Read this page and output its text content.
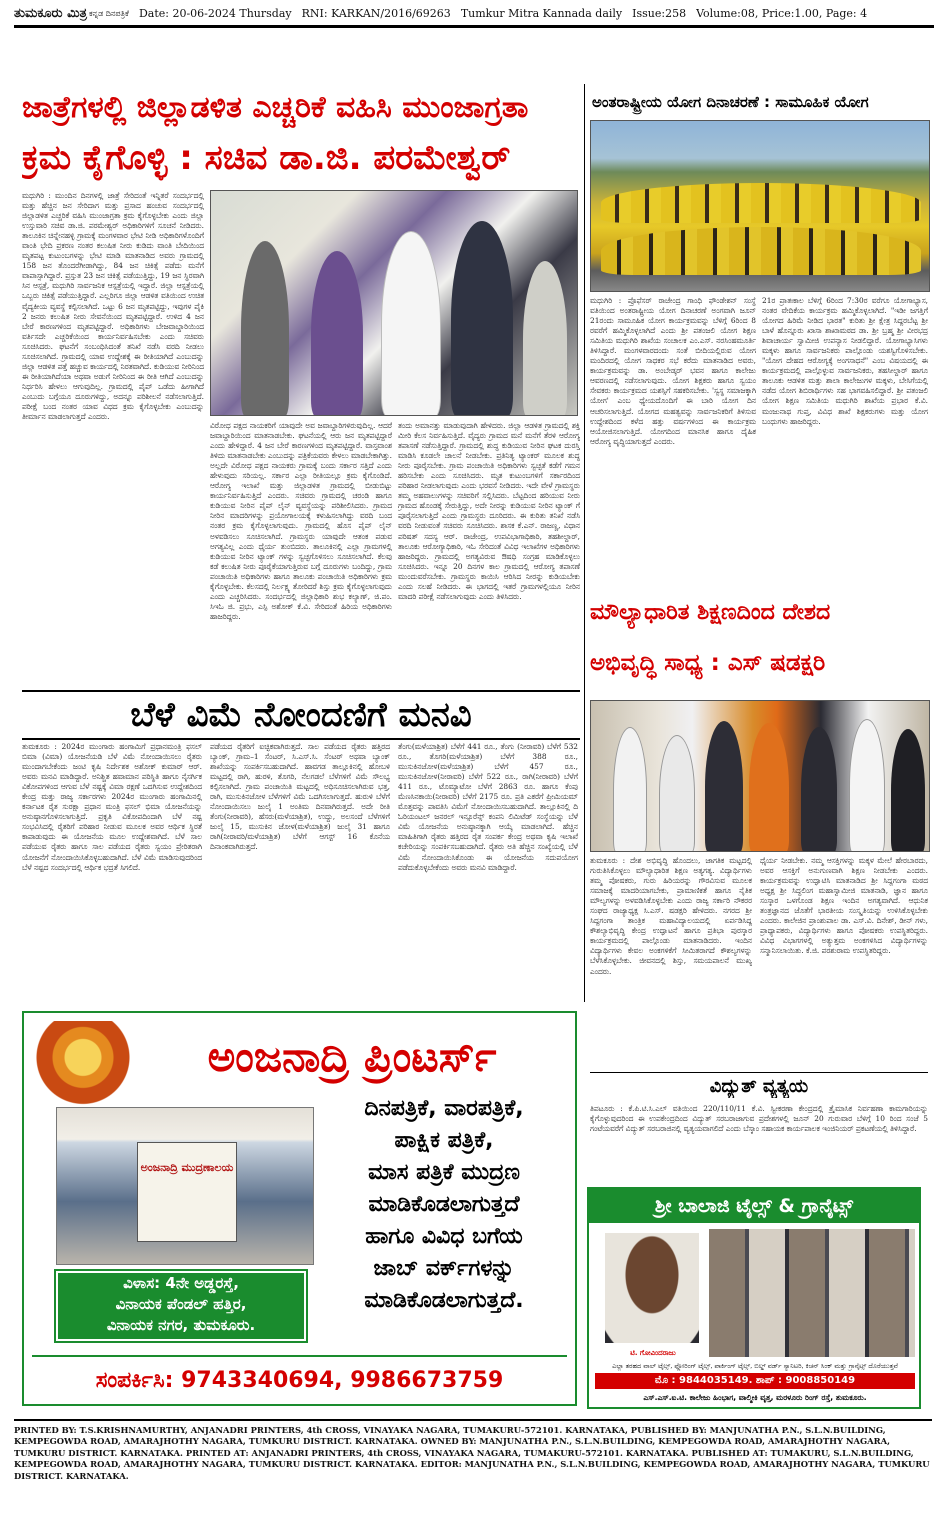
ತುಮಕೂರು ಮಿತ್ರ ಕನ್ನಡ ದಿನಪತ್ರಿಕೆ Date: 20-06-2024 Thursday RNI: KARKAN/2016/69263 Tumkur Mitra Kannada daily Issue:258 Volume:08, Price:1.00, Page: 4
ಜಾತ್ರೆಗಳಲ್ಲಿ ಜಿಲ್ಲಾಡಳಿತ ಎಚ್ಚರಿಕೆ ವಹಿಸಿ ಮುಂಜಾಗ್ರತಾ
ಕ್ರಮ ಕೈಗೊಳ್ಳಿ : ಸಚಿವ ಡಾ.ಜಿ. ಪರಮೇಶ್ವರ್
ಮಧುಗಿರಿ : ಮುಂದಿನ ದಿನಗಳಲ್ಲಿ ಜಾತ್ರೆ ಸೇರಿದಂತೆ ಇನ್ನಿತರೆ ಸಂದರ್ಭದಲ್ಲಿ ಮತ್ತು ಹೆಚ್ಚಿನ ಜನ ಸೇರಿದಾಗ ಮತ್ತು ಪ್ರಸಾದ ಹಂಚುವ ಸಂದರ್ಭದಲ್ಲಿ ಜಿಲ್ಲಾಡಳಿತ ಎಚ್ಚರಿಕೆ ವಹಿಸಿ ಮುಂಜಾಗ್ರತಾ ಕ್ರಮ ಕೈಗೊಳ್ಳಬೇಕು ಎಂದು ಜಿಲ್ಲಾ ಉಸ್ತುವಾರಿ ಸಚಿವ ಡಾ.ಜಿ. ಪರಮೇಶ್ವರ್ ಅಧಿಕಾರಿಗಳಿಗೆ ಸೂಚನೆ ನೀಡಿದರು. ತಾಲೂಕಿನ ಚಿನ್ನೇನಹಳ್ಳಿ ಗ್ರಾಮಕ್ಕೆ ಮಂಗಳವಾರ ಭೇಟಿ ನೀಡಿ ಅಧಿಕಾರಿಗಳೊಂದಿಗೆ ವಾಂತಿ ಭೇದಿ ಪ್ರಕರಣ ನಂತರ ಕಲುಷಿತ ನೀರು ಕುಡಿದು ವಾಂತಿ ಬೇದಿಯಿಂದ ಮೃತಪಟ್ಟ ಕುಟುಂಬಗಳನ್ನು ಭೇಟಿ ಮಾಡಿ ಮಾತನಾಡಿದ ಅವರು ಗ್ರಾಮದಲ್ಲಿ 158 ಜನ ತೊಂದರೆಗೀಡಾಗಿದ್ದು, 84 ಜನ ಚಿಕಿತ್ಸೆ ಪಡೆದು ಮನೆಗೆ ವಾಪಾಸ್ಸಾಗಿದ್ದಾರೆ. ಪ್ರಸ್ತುತ 23 ಜನ ಚಿಕಿತ್ಸೆ ಪಡೆಯುತ್ತಿದ್ದು, 19 ಜನ ಸ್ಥಿರವಾಗಿ ಸಿನ ಆಸ್ಪತ್ರೆ, ಮಧುಗಿರಿ ಸಾರ್ವಜನಿಕ ಆಸ್ಪತ್ರೆಯಲ್ಲಿ ಇದ್ದಾರೆ. ಜಿಲ್ಲಾ ಆಸ್ಪತ್ರೆಯಲ್ಲಿ ಒಬ್ಬರು ಚಿಕಿತ್ಸೆ ಪಡೆಯುತ್ತಿದ್ದಾರೆ. ಎಲ್ಲರಿಗೂ ಜಿಲ್ಲಾ ಆಡಳಿತ ವತಿಯಿಂದ ಉಚಿತ ವೈದ್ಯಕೀಯ ವ್ಯವಸ್ಥೆ ಕಲ್ಪಿಸಲಾಗಿದೆ. ಒಟ್ಟು 6 ಜನ ಮೃತಪಟ್ಟಿದ್ದು, ಇವುಗಳ ಪೈಕಿ 2 ಜನರು ಕಲುಷಿತ ನೀರು ಸೇವನೆಯಿಂದ ಮೃತಪಟ್ಟಿದ್ದಾರೆ. ಉಳಿದ 4 ಜನ ಬೇರೆ ಕಾರಣಗಳಿಂದ ಮೃತಪಟ್ಟಿದ್ದಾರೆ. ಅಧಿಕಾರಿಗಳು ಬೇಜವಾಬ್ದಾರಿಯಿಂದ ವರ್ತಿಸದೇ ಎಚ್ಚರಿಕೆಯಿಂದ ಕಾರ್ಯನಿರ್ವಹಿಸಬೇಕು ಎಂದು ಸಚಿವರು ಸೂಚಿಸಿದರು. ಘಟನೆಗೆ ಸಂಬಂಧಿಸಿದಂತೆ ತನಿಖೆ ನಡೆಸಿ ವರದಿ ನೀಡಲು ಸೂಚಿಸಲಾಗಿದೆ. ಗ್ರಾಮದಲ್ಲಿ ಯಾವ ಉದ್ದೇಶಕ್ಕೆ ಈ ರೀತಿಯಾಗಿದೆ ಎಂಬುದನ್ನು ಜಿಲ್ಲಾ ಆಡಳಿತ ಪತ್ತೆ ಹಚ್ಚುವ ಕಾರ್ಯದಲ್ಲಿ ನಿರತವಾಗಿದೆ. ಕುಡಿಯುವ ನೀರಿನಿಂದ ಈ ರೀತಿಯಾಗಿದೆಯಾ ಅಥವಾ ಅಡುಗೆ ನೀರಿನಿಂದ ಈ ರೀತಿ ಆಗಿದೆ ಎಂಬುದನ್ನು ನಿರ್ಧರಿಸಿ ಹೇಳಲು ಆಗುವುದಿಲ್ಲ. ಗ್ರಾಮದಲ್ಲಿ ಪೈಪ್ ಒಡೆದು ಹೀಗಾಗಿದೆ ಎಂಬುದು ಬಗ್ಗೆಯೂ ದೂರುಗಳಿದ್ದು, ಅದನ್ನೂ ಪರಿಶೀಲನೆ ನಡೆಸಲಾಗುತ್ತಿದೆ. ಪರೀಕ್ಷೆ ಬಂದ ನಂತರ ಯಾವ ವಿಧದ ಕ್ರಮ ಕೈಗೊಳ್ಳಬೇಕು ಎಂಬುದನ್ನು ತೀರ್ಮಾನ ಮಾಡಲಾಗುತ್ತದೆ ಎಂದರು.
ವಿರೋಧ ಪಕ್ಷದ ನಾಯಕರಿಗೆ ಯಾವುದೇ ಅವ ಜವಾಬ್ದಾರಿಗಳಿರುವುದಿಲ್ಲ. ಆದರೆ ಜವಾಬ್ದಾರಿಯಿಂದ ಮಾತನಾಡಬೇಕು. ಘಟನೆಯಲ್ಲಿ ಆರು ಜನ ಮೃತಪಟ್ಟಿದ್ದಾರೆ ಎಂದು ಹೇಳಿದ್ದಾರೆ. 4 ಜನ ಬೇರೆ ಕಾರಣಗಳಿಂದ ಮೃತಪಟ್ಟಿದ್ದಾರೆ. ವಾಸ್ತವಾಂಶ ತಿಳಿದು ಮಾತನಾಡಬೇಕು ಎಂಬುದನ್ನು ಪತ್ರಿಕೆಯವರು ಕೇಳಲು ಮಾಡಬೇಕಾಗಿತ್ತು. ಅಲ್ಲದೇ ವಿರೋಧ ಪಕ್ಷದ ನಾಯಕರು ಗ್ರಾಮಕ್ಕೆ ಬಂದು ಸರ್ಕಾರ ಸತ್ತಿದೆ ಎಂದು ಹೇಳುವುದು ಸರಿಯಲ್ಲ. ಸರ್ಕಾರ ಎಲ್ಲಾ ರೀತಿಯಲ್ಲೂ ಕ್ರಮ ಕೈಗೊಂಡಿದೆ. ಆರೋಗ್ಯ ಇಲಾಖೆ ಮತ್ತು ಜಿಲ್ಲಾಡಳಿತ ಗ್ರಾಮದಲ್ಲಿ ಬೀಡುಬಿಟ್ಟು ಕಾರ್ಯನಿರ್ವಹಿಸುತ್ತಿದೆ ಎಂದರು. ಸಚಿವರು ಗ್ರಾಮದಲ್ಲಿ ಚರಂಡಿ ಹಾಗೂ ಕುಡಿಯುವ ನೀರಿನ ಪೈಪ್ ಲೈನ್ ವ್ಯವಸ್ಥೆಯನ್ನು ಪರಿಶೀಲಿಸಿದರು. ಗ್ರಾಮದ ನೀರಿನ ಮಾದರಿಗಳನ್ನು ಪ್ರಯೋಗಾಲಯಕ್ಕೆ ಕಳುಹಿಸಲಾಗಿದ್ದು ವರದಿ ಬಂದ ನಂತರ ಕ್ರಮ ಕೈಗೊಳ್ಳಲಾಗುವುದು. ಗ್ರಾಮದಲ್ಲಿ ಹೊಸ ಪೈಪ್ ಲೈನ್ ಅಳವಡಿಸಲು ಸೂಚಿಸಲಾಗಿದೆ. ಗ್ರಾಮಸ್ಥರು ಯಾವುದೇ ಆತಂಕ ಪಡುವ ಅಗತ್ಯವಿಲ್ಲ ಎಂದು ಧೈರ್ಯ ತುಂಬಿದರು. ತಾಲೂಕಿನಲ್ಲಿ ಎಲ್ಲಾ ಗ್ರಾಮಗಳಲ್ಲಿ ಕುಡಿಯುವ ನೀರಿನ ಟ್ಯಾಂಕ್ ಗಳನ್ನು ಸ್ವಚ್ಛಗೊಳಿಸಲು ಸೂಚಿಸಲಾಗಿದೆ. ಕೆಲವು ಕಡೆ ಕಲುಷಿತ ನೀರು ಪೂರೈಕೆಯಾಗುತ್ತಿರುವ ಬಗ್ಗೆ ದೂರುಗಳು ಬಂದಿದ್ದು, ಗ್ರಾಮ ಪಂಚಾಯಿತಿ ಅಧಿಕಾರಿಗಳು ಹಾಗೂ ತಾಲೂಕು ಪಂಚಾಯಿತಿ ಅಧಿಕಾರಿಗಳು ಕ್ರಮ ಕೈಗೊಳ್ಳಬೇಕು. ಕೆಲಸದಲ್ಲಿ ನಿರ್ಲಕ್ಷ್ಯ ತೋರಿದರೆ ಶಿಸ್ತು ಕ್ರಮ ಕೈಗೊಳ್ಳಲಾಗುವುದು ಎಂದು ಎಚ್ಚರಿಸಿದರು. ಸಂದರ್ಭದಲ್ಲಿ ಜಿಲ್ಲಾಧಿಕಾರಿ ಶುಭ ಕಲ್ಯಾಣ್, ಜಿ.ಪಂ. ಸಿಇಓ ಜಿ. ಪ್ರಭು, ಎಸ್ಪಿ ಅಶೋಕ್ ಕೆ.ವಿ. ಸೇರಿದಂತೆ ಹಿರಿಯ ಅಧಿಕಾರಿಗಳು ಹಾಜರಿದ್ದರು.
ತಂದು ಅಮಾನತ್ತು ಮಾಡುವುದಾಗಿ ಹೇಳಿದರು. ಜಿಲ್ಲಾ ಆಡಳಿತ ಗ್ರಾಮದಲ್ಲಿ ಶಕ್ತಿ ಮೀರಿ ಕೆಲಸ ನಿರ್ವಹಿಸುತ್ತಿದೆ. ವೈದ್ಯರು ಗ್ರಾಮದ ಮನೆ ಮನೆಗೆ ತೆರಳಿ ಆರೋಗ್ಯ ತಪಾಸಣೆ ನಡೆಸುತ್ತಿದ್ದಾರೆ. ಗ್ರಾಮದಲ್ಲಿ ಶುದ್ಧ ಕುಡಿಯುವ ನೀರಿನ ಘಟಕ ದುರಸ್ತಿ ಮಾಡಿಸಿ ಕೂಡಲೇ ಚಾಲನೆ ನೀಡಬೇಕು. ಪ್ರತಿನಿತ್ಯ ಟ್ಯಾಂಕರ್ ಮೂಲಕ ಶುದ್ಧ ನೀರು ಪೂರೈಸಬೇಕು. ಗ್ರಾಮ ಪಂಚಾಯಿತಿ ಅಧಿಕಾರಿಗಳು ಸ್ವಚ್ಛತೆ ಕಡೆಗೆ ಗಮನ ಹರಿಸಬೇಕು ಎಂದು ಸೂಚಿಸಿದರು. ಮೃತ ಕುಟುಂಬಗಳಿಗೆ ಸರ್ಕಾರದಿಂದ ಪರಿಹಾರ ನೀಡಲಾಗುವುದು ಎಂದು ಭರವಸೆ ನೀಡಿದರು. ಇದೇ ವೇಳೆ ಗ್ರಾಮಸ್ಥರು ತಮ್ಮ ಅಹವಾಲುಗಳನ್ನು ಸಚಿವರಿಗೆ ಸಲ್ಲಿಸಿದರು. ಬೆಟ್ಟದಿಂದ ಹರಿಯುವ ನೀರು ಗ್ರಾಮದ ಹೊಂಡಕ್ಕೆ ಸೇರುತ್ತಿದ್ದು, ಅದೇ ನೀರನ್ನು ಕುಡಿಯುವ ನೀರಿನ ಟ್ಯಾಂಕ್ ಗೆ ಪೂರೈಸಲಾಗುತ್ತಿದೆ ಎಂದು ಗ್ರಾಮಸ್ಥರು ದೂರಿದರು. ಈ ಕುರಿತು ತನಿಖೆ ನಡೆಸಿ ವರದಿ ನೀಡುವಂತೆ ಸಚಿವರು ಸೂಚಿಸಿದರು. ಶಾಸಕ ಕೆ.ಎನ್. ರಾಜಣ್ಣ, ವಿಧಾನ ಪರಿಷತ್ ಸದಸ್ಯ ಆರ್. ರಾಜೇಂದ್ರ, ಉಪವಿಭಾಗಾಧಿಕಾರಿ, ತಹಶೀಲ್ದಾರ್, ತಾಲೂಕು ಆರೋಗ್ಯಾಧಿಕಾರಿ, ಇಓ ಸೇರಿದಂತೆ ವಿವಿಧ ಇಲಾಖೆಗಳ ಅಧಿಕಾರಿಗಳು ಹಾಜರಿದ್ದರು. ಗ್ರಾಮದಲ್ಲಿ ಅಗತ್ಯವಿರುವ ಔಷಧಿ ಸಂಗ್ರಹ ಮಾಡಿಕೊಳ್ಳಲು ಸೂಚಿಸಿದರು. ಇನ್ನೂ 20 ದಿನಗಳ ಕಾಲ ಗ್ರಾಮದಲ್ಲಿ ಆರೋಗ್ಯ ತಪಾಸಣೆ ಮುಂದುವರೆಸಬೇಕು. ಗ್ರಾಮಸ್ಥರು ಕಾಯಿಸಿ ಆರಿಸಿದ ನೀರನ್ನು ಕುಡಿಯಬೇಕು ಎಂದು ಸಲಹೆ ನೀಡಿದರು. ಈ ಭಾಗದಲ್ಲಿ ಇತರೆ ಗ್ರಾಮಗಳಲ್ಲಿಯೂ ನೀರಿನ ಮಾದರಿ ಪರೀಕ್ಷೆ ನಡೆಸಲಾಗುವುದು ಎಂದು ತಿಳಿಸಿದರು.
ಅಂತರಾಷ್ಟ್ರೀಯ ಯೋಗ ದಿನಾಚರಣೆ : ಸಾಮೂಹಿಕ ಯೋಗ
ಮಧುಗಿರಿ : ಪ್ರೊಫೆಸರ್ ರಾಜೇಂದ್ರ ಗಾಂಧಿ ಫೌಂಡೇಶನ್ ಸಂಸ್ಥೆ ವತಿಯಿಂದ ಅಂತರಾಷ್ಟ್ರೀಯ ಯೋಗ ದಿನಾಚರಣೆ ಅಂಗವಾಗಿ ಜೂನ್ 21ರಂದು ಸಾಮೂಹಿಕ ಯೋಗ ಕಾರ್ಯಕ್ರಮವನ್ನು ಬೆಳಿಗ್ಗೆ 6ರಿಂದ 8 ರವರೆಗೆ ಹಮ್ಮಿಕೊಳ್ಳಲಾಗಿದೆ ಎಂದು ಶ್ರೀ ಪತಂಜಲಿ ಯೋಗ ಶಿಕ್ಷಣ ಸಮಿತಿಯ ಮಧುಗಿರಿ ಶಾಖೆಯ ಸಂಚಾಲಕ ಎಂ.ಎಸ್. ನರಸಿಂಹಮೂರ್ತಿ ತಿಳಿಸಿದ್ದಾರೆ. ಮಂಗಳವಾರದಂದು ಸಂತೆ ಬೀದಿಯಲ್ಲಿರುವ ಯೋಗ ಮಂದಿರದಲ್ಲಿ ಯೋಗ ಸಾಧಕರ ಸಭೆ ಕರೆದು ಮಾತನಾಡಿದ ಅವರು, ಕಾರ್ಯಕ್ರಮವನ್ನು ಡಾ. ಅಂಬೇಡ್ಕರ್ ಭವನ ಹಾಗೂ ಕಾಲೇಜು ಆವರಣದಲ್ಲಿ ನಡೆಸಲಾಗುವುದು. ಯೋಗ ಶಿಕ್ಷಕರು ಹಾಗೂ ಸ್ವಯಂ ಸೇವಕರು ಕಾರ್ಯಕ್ರಮದ ಯಶಸ್ಸಿಗೆ ಸಹಕರಿಸಬೇಕು. 'ಸ್ವಸ್ಥ ಸಮಾಜಕ್ಕಾಗಿ ಯೋಗ' ಎಂಬ ಧ್ಯೇಯದೊಂದಿಗೆ ಈ ಬಾರಿ ಯೋಗ ದಿನ ಆಚರಿಸಲಾಗುತ್ತಿದೆ. ಯೋಗದ ಮಹತ್ವವನ್ನು ಸಾರ್ವಜನಿಕರಿಗೆ ತಿಳಿಸುವ ಉದ್ದೇಶದಿಂದ ಕಳೆದ ಹತ್ತು ವರ್ಷಗಳಿಂದ ಈ ಕಾರ್ಯಕ್ರಮ ಆಯೋಜಿಸಲಾಗುತ್ತಿದೆ. ಯೋಗದಿಂದ ಮಾನಸಿಕ ಹಾಗೂ ದೈಹಿಕ ಆರೋಗ್ಯ ವೃದ್ಧಿಯಾಗುತ್ತದೆ ಎಂದರು.
21ರ ಪ್ರಾತಃಕಾಲ ಬೆಳಿಗ್ಗೆ 6ರಿಂದ 7:30ರ ವರೆಗೂ ಯೋಗಾಭ್ಯಾಸ, ನಂತರ ವೇದಿಕೆಯ ಕಾರ್ಯಕ್ರಮ ಹಮ್ಮಿಕೊಳ್ಳಲಾಗಿದೆ. "ಇಡೀ ಜಗತ್ತಿಗೆ ಯೋಗದ ಹಿರಿಮೆ ನೀಡಿದ ಭಾರತ" ಕುರಿತು ಶ್ರೀ ಕ್ಷೇತ್ರ ಸಿದ್ದರಬೆಟ್ಟ ಶ್ರೀ ಬಾಳೆ ಹೊನ್ನೂರು ಖಾಸಾ ಶಾಖಾಮಠದ ಡಾ. ಶ್ರೀ ಬ್ರಹ್ಮ ಶ್ರೀ ವೀರಭದ್ರ ಶಿವಾಚಾರ್ಯ ಸ್ವಾಮೀಜಿ ಉಪನ್ಯಾಸ ನೀಡಲಿದ್ದಾರೆ. ಯೋಗಾಭ್ಯಾಸಿಗಳು ಮಕ್ಕಳು ಹಾಗೂ ಸಾರ್ವಜನಿಕರು ಪಾಲ್ಗೊಂಡು ಯಶಸ್ವಿಗೊಳಿಸಬೇಕು. "ಯೋಗ ದೇಹದ ಆರೋಗ್ಯಕ್ಕೆ ಅಂಗಸಾಧನೆ" ಎಂಬ ವಿಷಯದಲ್ಲಿ ಈ ಕಾರ್ಯಕ್ರಮದಲ್ಲಿ ಪಾಲ್ಗೊಳ್ಳುವ ಸಾರ್ವಜನಿಕರು, ತಹಸೀಲ್ದಾರ್ ಹಾಗೂ ತಾಲೂಕು ಆಡಳಿತ ಮತ್ತು ಶಾಲಾ ಕಾಲೇಜುಗಳ ಮಕ್ಕಳು, ಬೇಸಿಗೆಯಲ್ಲಿ ನಡೆದ ಯೋಗ ಶಿಬಿರಾರ್ಥಿಗಳು ಸಹ ಭಾಗವಹಿಸಲಿದ್ದಾರೆ. ಶ್ರೀ ಪತಂಜಲಿ ಯೋಗ ಶಿಕ್ಷಣ ಸಮಿತಿಯ ಮಧುಗಿರಿ ಶಾಖೆಯ ಪ್ರಭಾರ ಕೆ.ವಿ. ಮಂಜುನಾಥ ಗುಪ್ತ, ವಿವಿಧ ಶಾಖೆ ಶಿಕ್ಷಕರುಗಳು ಮತ್ತು ಯೋಗ ಬಂಧುಗಳು ಹಾಜರಿದ್ದರು.
ಮೌಲ್ಯಾಧಾರಿತ ಶಿಕ್ಷಣದಿಂದ ದೇಶದ
ಅಭಿವೃದ್ಧಿ ಸಾಧ್ಯ : ಎಸ್ ಷಡಕ್ಷರಿ
ತುಮಕೂರು : ದೇಶ ಅಭಿವೃದ್ಧಿ ಹೊಂದಲು, ಜಾಗತಿಕ ಮಟ್ಟದಲ್ಲಿ ಗುರುತಿಸಿಕೊಳ್ಳಲು ಮೌಲ್ಯಾಧಾರಿತ ಶಿಕ್ಷಣ ಅತ್ಯಗತ್ಯ. ವಿದ್ಯಾರ್ಥಿಗಳು ತಮ್ಮ ಪೋಷಕರು, ಗುರು ಹಿರಿಯರನ್ನು ಗೌರವಿಸುವ ಮೂಲಕ ಸಮಾಜಕ್ಕೆ ಮಾದರಿಯಾಗಬೇಕು, ಪ್ರಾಮಾಣಿಕತೆ ಹಾಗೂ ನೈತಿಕ ಮೌಲ್ಯಗಳನ್ನು ಅಳವಡಿಸಿಕೊಳ್ಳಬೇಕು ಎಂದು ರಾಜ್ಯ ಸರ್ಕಾರಿ ನೌಕರರ ಸಂಘದ ರಾಜ್ಯಾಧ್ಯಕ್ಷ ಸಿ.ಎಸ್. ಷಡಕ್ಷರಿ ಹೇಳಿದರು. ನಗರದ ಶ್ರೀ ಸಿದ್ದಗಂಗಾ ತಾಂತ್ರಿಕ ಮಹಾವಿದ್ಯಾಲಯದಲ್ಲಿ ಏರ್ಪಡಿಸಿದ್ದ ಕೌಶಲ್ಯಾಭಿವೃದ್ಧಿ ಕೇಂದ್ರ ಉದ್ಘಾಟನೆ ಹಾಗೂ ಪ್ರತಿಭಾ ಪುರಸ್ಕಾರ ಕಾರ್ಯಕ್ರಮದಲ್ಲಿ ಪಾಲ್ಗೊಂಡು ಮಾತನಾಡಿದರು. ಇಂದಿನ ವಿದ್ಯಾರ್ಥಿಗಳು ಕೇವಲ ಅಂಕಗಳಿಕೆಗೆ ಸೀಮಿತರಾಗದೆ ಕೌಶಲ್ಯಗಳನ್ನು ಬೆಳೆಸಿಕೊಳ್ಳಬೇಕು. ಜೀವನದಲ್ಲಿ ಶಿಸ್ತು, ಸಮಯಪಾಲನೆ ಮುಖ್ಯ ಎಂದರು.
ಧೈರ್ಯ ನೀಡಬೇಕು. ನಮ್ಮ ಆಸಕ್ತಿಗಳನ್ನು ಮಕ್ಕಳ ಮೇಲೆ ಹೇರಬಾರದು, ಅವರ ಆಸಕ್ತಿಗೆ ಅನುಗುಣವಾಗಿ ಶಿಕ್ಷಣ ನೀಡಬೇಕು ಎಂದರು. ಕಾರ್ಯಕ್ರಮವನ್ನು ಉದ್ಘಾಟಿಸಿ ಮಾತನಾಡಿದ ಶ್ರೀ ಸಿದ್ದಗಂಗಾ ಮಠದ ಅಧ್ಯಕ್ಷ ಶ್ರೀ ಸಿದ್ಧಲಿಂಗ ಮಹಾಸ್ವಾಮೀಜಿ ಮಾತನಾಡಿ, ಜ್ಞಾನ ಹಾಗೂ ಸಂಸ್ಕಾರ ಒಳಗೊಂಡ ಶಿಕ್ಷಣ ಇಂದಿನ ಅಗತ್ಯವಾಗಿದೆ. ಆಧುನಿಕ ತಂತ್ರಜ್ಞಾನದ ಜೊತೆಗೆ ಭಾರತೀಯ ಸಂಸ್ಕೃತಿಯನ್ನು ಉಳಿಸಿಕೊಳ್ಳಬೇಕು ಎಂದರು. ಕಾಲೇಜಿನ ಪ್ರಾಂಶುಪಾಲ ಡಾ. ಎಸ್.ವಿ. ದಿನೇಶ್, ಡೀನ್ ಗಳು, ಪ್ರಾಧ್ಯಾಪಕರು, ವಿದ್ಯಾರ್ಥಿಗಳು ಹಾಗೂ ಪೋಷಕರು ಉಪಸ್ಥಿತರಿದ್ದರು. ವಿವಿಧ ವಿಭಾಗಗಳಲ್ಲಿ ಅತ್ಯುತ್ತಮ ಅಂಕಗಳಿಸಿದ ವಿದ್ಯಾರ್ಥಿಗಳನ್ನು ಸನ್ಮಾನಿಸಲಾಯಿತು. ಕೆ.ಜಿ. ಪರಶುರಾಮ ಉಪಸ್ಥಿತರಿದ್ದರು.
ಬೆಳೆ ವಿಮೆ ನೋಂದಣಿಗೆ ಮನವಿ
ತುಮಕೂರು : 2024ರ ಮುಂಗಾರು ಹಂಗಾಮಿಗೆ ಪ್ರಧಾನಮಂತ್ರಿ ಫಸಲ್ ಬಿಮಾ (ವಿಮಾ) ಯೋಜನೆಯಡಿ ಬೆಳೆ ವಿಮೆ ನೋಂದಾಯಿಸಲು ರೈತರು ಮುಂದಾಗಬೇಕೆಂದು ಜಂಟಿ ಕೃಷಿ ನಿರ್ದೇಶಕ ಅಶೋಕ್ ಕುಮಾರ್ ಆರ್. ಅವರು ಮನವಿ ಮಾಡಿದ್ದಾರೆ. ಅನಿಶ್ಚಿತ ಹವಾಮಾನ ಪರಿಸ್ಥಿತಿ ಹಾಗೂ ನೈಸರ್ಗಿಕ ವಿಕೋಪಗಳಿಂದ ಆಗುವ ಬೆಳೆ ನಷ್ಟಕ್ಕೆ ವಿಮಾ ರಕ್ಷಣೆ ಒದಗಿಸುವ ಉದ್ದೇಶದಿಂದ ಕೇಂದ್ರ ಮತ್ತು ರಾಜ್ಯ ಸರ್ಕಾರಗಳು 2024ರ ಮುಂಗಾರು ಹಂಗಾಮಿನಲ್ಲಿ ಕರ್ನಾಟಕ ರೈತ ಸುರಕ್ಷಾ ಪ್ರಧಾನ ಮಂತ್ರಿ ಫಸಲ್ ಭಿಮಾ ಯೋಜನೆಯನ್ನು ಅನುಷ್ಠಾನಗೊಳಿಸಲಾಗುತ್ತಿದೆ. ಪ್ರಕೃತಿ ವಿಕೋಪದಿಂದಾಗಿ ಬೆಳೆ ನಷ್ಟ ಸಂಭವಿಸಿದಲ್ಲಿ ರೈತರಿಗೆ ಪರಿಹಾರ ನೀಡುವ ಮೂಲಕ ಅವರ ಆರ್ಥಿಕ ಸ್ಥಿರತೆ ಕಾಪಾಡುವುದು ಈ ಯೋಜನೆಯ ಮೂಲ ಉದ್ದೇಶವಾಗಿದೆ. ಬೆಳೆ ಸಾಲ ಪಡೆಯುವ ರೈತರು ಹಾಗೂ ಸಾಲ ಪಡೆಯದ ರೈತರು ಸ್ವಯಂ ಪ್ರೇರಿತರಾಗಿ ಯೋಜನೆಗೆ ನೋಂದಾಯಿಸಿಕೊಳ್ಳಬಹುದಾಗಿದೆ. ಬೆಳೆ ವಿಮೆ ಮಾಡಿಸುವುದರಿಂದ ಬೆಳೆ ನಷ್ಟದ ಸಂದರ್ಭದಲ್ಲಿ ಆರ್ಥಿಕ ಭದ್ರತೆ ಸಿಗಲಿದೆ.
ಪಡೆಯದ ರೈತರಿಗೆ ಐಚ್ಛಿಕವಾಗಿರುತ್ತದೆ. ಸಾಲ ಪಡೆಯದ ರೈತರು ಹತ್ತಿರದ ಬ್ಯಾಂಕ್, ಗ್ರಾಮ–1 ಸೆಂಟರ್, ಸಿ.ಎಸ್.ಸಿ. ಸೆಂಟರ್ ಅಥವಾ ಬ್ಯಾಂಕ್ ಶಾಖೆಯನ್ನು ಸಂಪರ್ಕಿಸಬಹುದಾಗಿದೆ. ಹಾವಗಡ ತಾಲ್ಲೂಕಿನಲ್ಲಿ ಹೋಬಳಿ ಮಟ್ಟದಲ್ಲಿ ರಾಗಿ, ಹುರಳಿ, ತೊಗರಿ, ನೆಲಗಡಲೆ ಬೆಳೆಗಳಿಗೆ ವಿಮೆ ಸೌಲಭ್ಯ ಕಲ್ಪಿಸಲಾಗಿದೆ. ಗ್ರಾಮ ಪಂಚಾಯಿತಿ ಮಟ್ಟದಲ್ಲಿ ಅಧಿಸೂಚಿಸಲಾಗಿರುವ ಭತ್ತ, ರಾಗಿ, ಮುಸುಕಿನಜೋಳ ಬೆಳೆಗಳಿಗೆ ವಿಮೆ ಒದಗಿಸಲಾಗುತ್ತದೆ. ಹುರುಳಿ ಬೆಳೆಗೆ ನೋಂದಾಯಿಸಲು ಜುಲೈ 1 ಅಂತಿಮ ದಿನವಾಗಿರುತ್ತದೆ. ಅದೇ ರೀತಿ ತೆಂಗು(ನೀರಾವರಿ), ಹೆಸರು(ಮಳೆಯಾಶ್ರಿತ), ಉದ್ದು, ಅಲಸಂದೆ ಬೆಳೆಗಳಿಗೆ ಜುಲೈ 15, ಮುಸುಕಿನ ಜೋಳ(ಮಳೆಯಾಶ್ರಿತ) ಜುಲೈ 31 ಹಾಗೂ ರಾಗಿ(ನೀರಾವರಿ/ಮಳೆಯಾಶ್ರಿತ) ಬೆಳೆಗೆ ಆಗಸ್ಟ್ 16 ಕೊನೆಯ ದಿನಾಂಕವಾಗಿರುತ್ತದೆ.
ತೆಂಗು(ಮಳೆಯಾಶ್ರಿತ) ಬೆಳೆಗೆ 441 ರೂ., ತೆಂಗು (ನೀರಾವರಿ) ಬೆಳೆಗೆ 532 ರೂ., ತೊಗರಿ(ಮಳೆಯಾಶ್ರಿತ) ಬೆಳೆಗೆ 388 ರೂ., ಮುಸುಕಿನಜೋಳ(ಮಳೆಯಾಶ್ರಿತ) ಬೆಳೆಗೆ 457 ರೂ., ಮುಸುಕಿನಜೋಳ(ನೀರಾವರಿ) ಬೆಳೆಗೆ 522 ರೂ., ರಾಗಿ(ನೀರಾವರಿ) ಬೆಳೆಗೆ 411 ರೂ., ಟೊಮ್ಯಾಟೋ ಬೆಳೆಗೆ 2863 ರೂ. ಹಾಗೂ ಕೆಂಪು ಮೆಣಸಿನಕಾಯಿ(ನೀರಾವರಿ) ಬೆಳೆಗೆ 2175 ರೂ. ಪ್ರತಿ ಎಕರೆಗೆ ಪ್ರೀಮಿಯಮ್ ಮೊತ್ತವನ್ನು ಪಾವತಿಸಿ ವಿಮೆಗೆ ನೋಂದಾಯಿಸಬಹುದಾಗಿದೆ. ತಾಲ್ಲೂಕಿನಲ್ಲಿ ದಿ ಓರಿಯಂಟಲ್ ಜನರಲ್ ಇನ್ಸೂರೆನ್ಸ್ ಕಂಪನಿ ಲಿಮಿಟೆಡ್ ಸಂಸ್ಥೆಯನ್ನು ಬೆಳೆ ವಿಮೆ ಯೋಜನೆಯ ಅನುಷ್ಠಾನಕ್ಕಾಗಿ ಆಯ್ಕೆ ಮಾಡಲಾಗಿದೆ. ಹೆಚ್ಚಿನ ಮಾಹಿತಿಗಾಗಿ ರೈತರು ಹತ್ತಿರದ ರೈತ ಸಂಪರ್ಕ ಕೇಂದ್ರ ಅಥವಾ ಕೃಷಿ ಇಲಾಖೆ ಕಚೇರಿಯನ್ನು ಸಂಪರ್ಕಿಸಬಹುದಾಗಿದೆ. ರೈತರು ಅತಿ ಹೆಚ್ಚಿನ ಸಂಖ್ಯೆಯಲ್ಲಿ ಬೆಳೆ ವಿಮೆ ನೋಂದಾಯಿಸಿಕೊಂಡು ಈ ಯೋಜನೆಯ ಸದುಪಯೋಗ ಪಡೆದುಕೊಳ್ಳಬೇಕೆಂದು ಅವರು ಮನವಿ ಮಾಡಿದ್ದಾರೆ.
ವಿದ್ಯುತ್ ವ್ಯತ್ಯಯ
ತಿಪಟೂರು : ಕೆ.ಪಿ.ಟಿ.ಸಿ.ಎಲ್ ವತಿಯಿಂದ 220/110/11 ಕೆ.ವಿ. ಸ್ವೀಕರಣಾ ಕೇಂದ್ರದಲ್ಲಿ ತ್ರೈಮಾಸಿಕ ನಿರ್ವಹಣಾ ಕಾಮಗಾರಿಯನ್ನು ಕೈಗೊಳ್ಳುವುದರಿಂದ ಈ ಉಪಕೇಂದ್ರದಿಂದ ವಿದ್ಯುತ್ ಸರಬರಾಜಾಗುವ ಪ್ರದೇಶಗಳಲ್ಲಿ ಜೂನ್ 20 ಗುರುವಾರ ಬೆಳಿಗ್ಗೆ 10 ರಿಂದ ಸಂಜೆ 5 ಗಂಟೆಯವರೆಗೆ ವಿದ್ಯುತ್ ಸರಬರಾಜಿನಲ್ಲಿ ವ್ಯತ್ಯಯವಾಗಲಿದೆ ಎಂದು ಬೆಸ್ಕಾಂ ಸಹಾಯಕ ಕಾರ್ಯಪಾಲಕ ಇಂಜಿನಿಯರ್ ಪ್ರಕಟಣೆಯಲ್ಲಿ ತಿಳಿಸಿದ್ದಾರೆ.
ಅಂಜನಾದ್ರಿ ಪ್ರಿಂಟರ್ಸ್
ಅಂಜನಾದ್ರಿ ಮುದ್ರಣಾಲಯ
ದಿನಪತ್ರಿಕೆ, ವಾರಪತ್ರಿಕೆ,
ಪಾಕ್ಷಿಕ ಪತ್ರಿಕೆ,
ಮಾಸ ಪತ್ರಿಕೆ ಮುದ್ರಣ
ಮಾಡಿಕೊಡಲಾಗುತ್ತದೆ
ಹಾಗೂ ವಿವಿಧ ಬಗೆಯ
ಜಾಬ್ ವರ್ಕ್‌ಗಳನ್ನು
ಮಾಡಿಕೊಡಲಾಗುತ್ತದೆ.
ವಿಳಾಸ: 4ನೇ ಅಡ್ಡರಸ್ತೆ,
ವಿನಾಯಕ ಪೆಂಡಲ್ ಹತ್ತಿರ,
ವಿನಾಯಕ ನಗರ, ತುಮಕೂರು.
ಸಂಪರ್ಕಿಸಿ: 9743340694, 9986673759
ಶ್ರೀ ಬಾಲಾಜಿ ಟೈಲ್ಸ್ & ಗ್ರಾನೈಟ್ಸ್
ಟಿ. ಗೋವಿಂದರಾಜು
ಎಲ್ಲಾ ತರಹದ ವಾಲ್ ಟೈಲ್ಸ್, ಫ್ಲೋರಿಂಗ್ ಟೈಲ್ಸ್, ಪಾರ್ಕಿಂಗ್ ಟೈಲ್ಸ್, ಬಿಲ್ಡ್ ವರ್ಡ್ ಸ್ಯಾನಿಟರಿ, ಕಿಚನ್ ಸಿಂಕ್ ಮತ್ತು ಗ್ರಾನೈಟ್ಸ್ ದೊರೆಯುತ್ತವೆ
ಮೊ : 9844035149. ಶಾಪ್ : 9008850149
ಎಸ್.ಎಸ್.ಐ.ಟಿ. ಕಾಲೇಜು ಹಿಂಭಾಗ, ವಾಲ್ಮೀಕಿ ವೃತ್ತ, ಮರಳೂರು ರಿಂಗ್ ರಸ್ತೆ, ತುಮಕೂರು.
PRINTED BY: T.S.KRISHNAMURTHY, ANJANADRI PRINTERS, 4th CROSS, VINAYAKA NAGARA, TUMAKURU-572101. KARNATAKA, PUBLISHED BY: MANJUNATHA P.N., S.L.N.BUILDING, KEMPEGOWDA ROAD, AMARAJHOTHY NAGARA, TUMKURU DISTRICT. KARNATAKA. OWNED BY: MANJUNATHA P.N., S.L.N.BUILDING, KEMPEGOWDA ROAD, AMARAJHOTHY NAGARA, TUMKURU DISTRICT. KARNATAKA. PRINTED AT: ANJANADRI PRINTERS, 4th CROSS, VINAYAKA NAGARA, TUMAKURU-572101. KARNATAKA. PUBLISHED AT: TUMAKURU, S.L.N.BUILDING, KEMPEGOWDA ROAD, AMARAJHOTHY NAGARA, TUMKURU DISTRICT. KARNATAKA. EDITOR: MANJUNATHA P.N., S.L.N.BUILDING, KEMPEGOWDA ROAD, AMARAJHOTHY NAGARA, TUMKURU DISTRICT. KARNATAKA.
